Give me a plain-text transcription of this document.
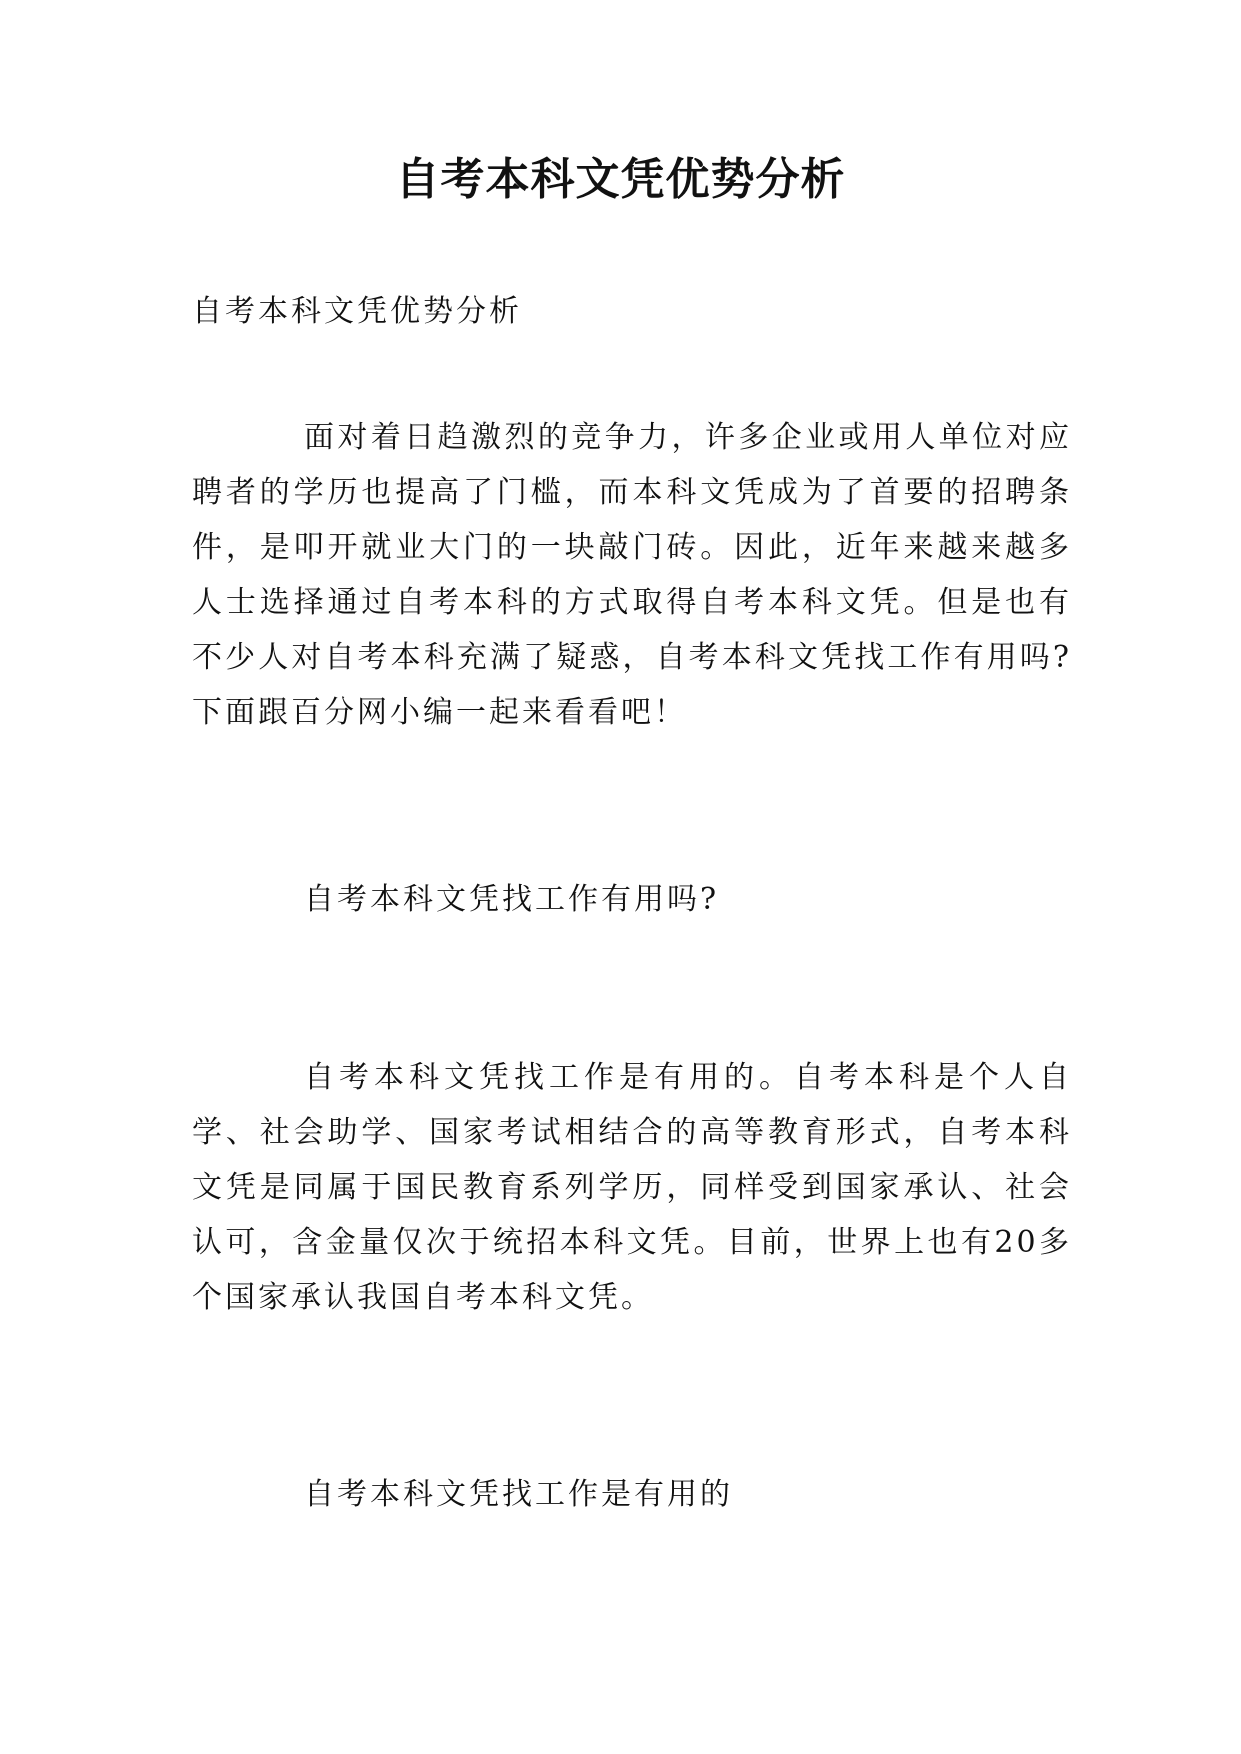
自考本科文凭优势分析
自考本科文凭优势分析
面对着日趋激烈的竞争力，许多企业或用人单位对应聘者的学历也提高了门槛，而本科文凭成为了首要的招聘条件，是叩开就业大门的一块敲门砖。因此，近年来越来越多人士选择通过自考本科的方式取得自考本科文凭。但是也有不少人对自考本科充满了疑惑，自考本科文凭找工作有用吗?下面跟百分网小编一起来看看吧！
自考本科文凭找工作有用吗?
自考本科文凭找工作是有用的。自考本科是个人自学、社会助学、国家考试相结合的高等教育形式，自考本科文凭是同属于国民教育系列学历，同样受到国家承认、社会认可，含金量仅次于统招本科文凭。目前，世界上也有20多个国家承认我国自考本科文凭。
自考本科文凭找工作是有用的
